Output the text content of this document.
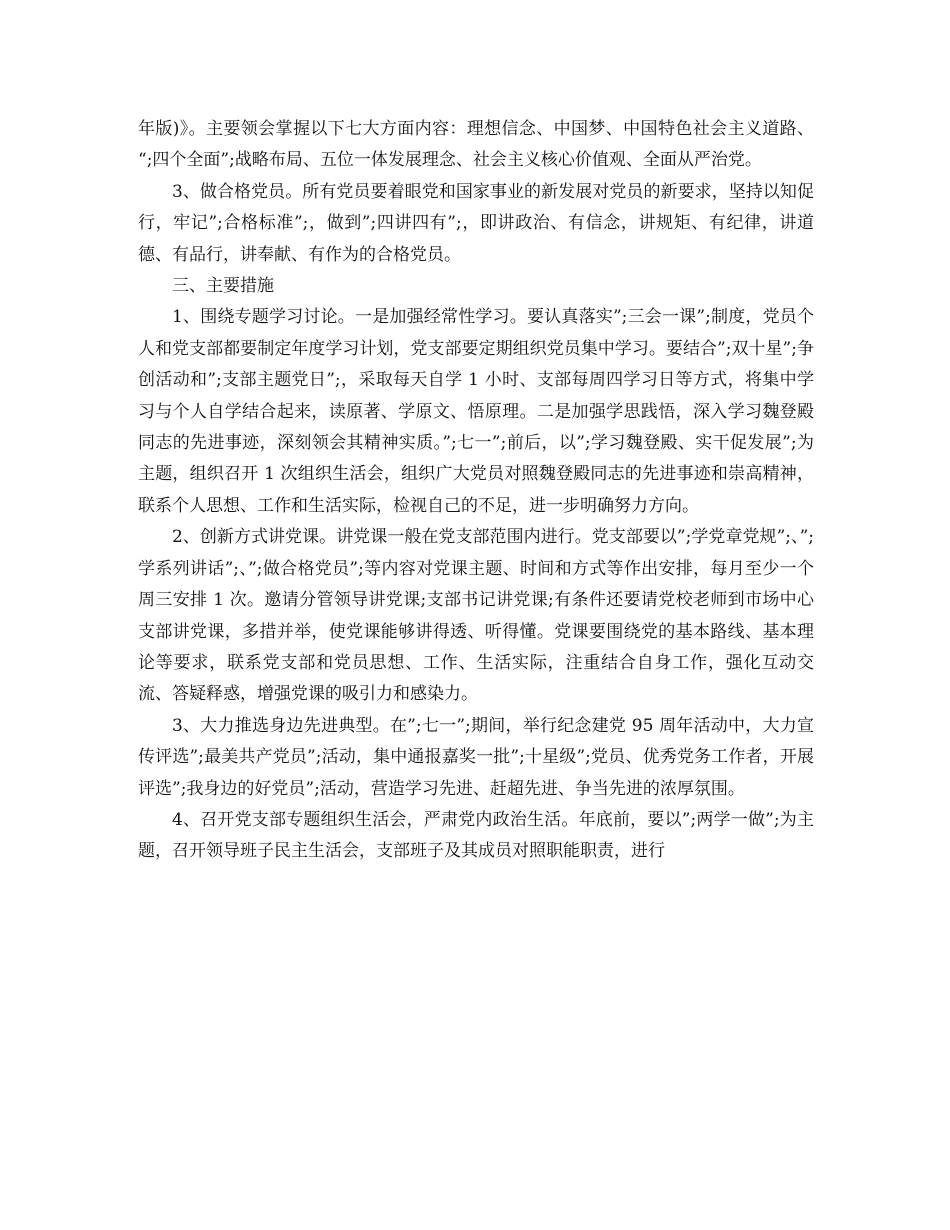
年版)》。主要领会掌握以下七大方面内容：理想信念、中国梦、中国特色社会主义道路、 “;四个全面”;战略布局、五位一体发展理念、社会主义核心价值观、全面从严治党。

3、做合格党员。所有党员要着眼党和国家事业的新发展对党员的新要求，坚持以知促行，牢记”;合格标准”;，做到”;四讲四有”;，即讲政治、有信念，讲规矩、有纪律，讲道德、有品行，讲奉献、有作为的合格党员。

三、主要措施

1、围绕专题学习讨论。一是加强经常性学习。要认真落实”;三会一课”;制度，党员个人和党支部都要制定年度学习计划，党支部要定期组织党员集中学习。要结合”;双十星”;争创活动和”;支部主题党日”;，采取每天自学 1 小时、支部每周四学习日等方式，将集中学习与个人自学结合起来，读原著、学原文、悟原理。二是加强学思践悟，深入学习魏登殿同志的先进事迹，深刻领会其精神实质。”;七一”;前后，以”;学习魏登殿、实干促发展”;为主题，组织召开 1 次组织生活会，组织广大党员对照魏登殿同志的先进事迹和崇高精神，联系个人思想、工作和生活实际，检视自己的不足，进一步明确努力方向。

2、创新方式讲党课。讲党课一般在党支部范围内进行。党支部要以”;学党章党规”;、”;学系列讲话”;、”;做合格党员”;等内容对党课主题、时间和方式等作出安排，每月至少一个周三安排 1 次。邀请分管领导讲党课;支部书记讲党课;有条件还要请党校老师到市场中心支部讲党课，多措并举，使党课能够讲得透、听得懂。党课要围绕党的基本路线、基本理论等要求，联系党支部和党员思想、工作、生活实际，注重结合自身工作，强化互动交流、答疑释惑，增强党课的吸引力和感染力。

3、大力推选身边先进典型。在”;七一”;期间，举行纪念建党 95 周年活动中，大力宣传评选”;最美共产党员”;活动，集中通报嘉奖一批”;十星级”;党员、优秀党务工作者，开展评选”;我身边的好党员”;活动，营造学习先进、赶超先进、争当先进的浓厚氛围。

4、召开党支部专题组织生活会，严肃党内政治生活。年底前，要以”;两学一做”;为主题，召开领导班子民主生活会，支部班子及其成员对照职能职责，进行
